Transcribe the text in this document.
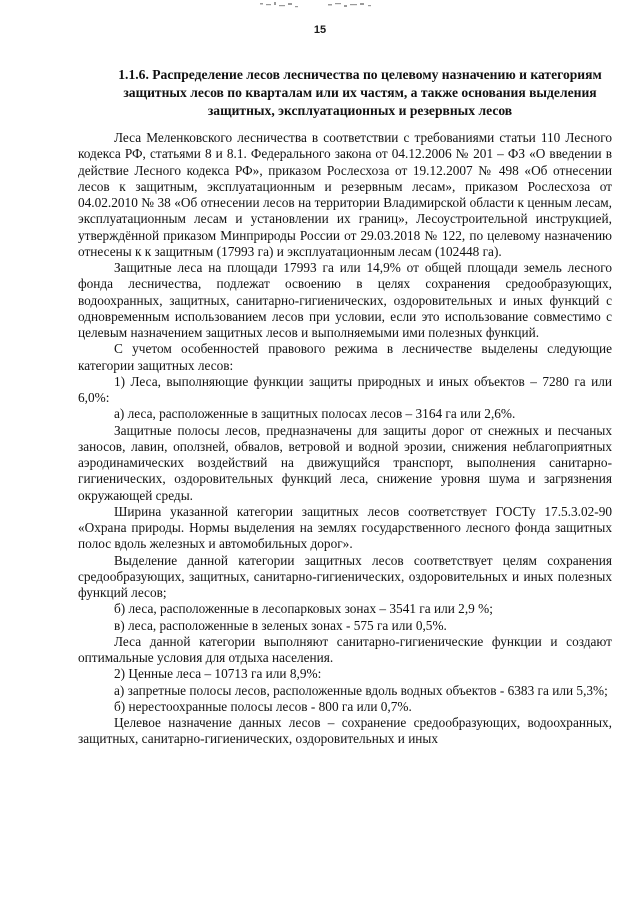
15
1.1.6. Распределение лесов лесничества по целевому назначению и категориям защитных лесов по кварталам или их частям, а также основания выделения защитных, эксплуатационных и резервных лесов

Леса Меленковского лесничества в соответствии с требованиями статьи 110 Лесного кодекса РФ, статьями 8 и 8.1. Федерального закона от 04.12.2006 № 201 – ФЗ «О введении в действие Лесного кодекса РФ», приказом Рослесхоза от 19.12.2007 № 498 «Об отнесении лесов к защитным, эксплуатационным и резервным лесам», приказом Рослесхоза от 04.02.2010 № 38 «Об отнесении лесов на территории Владимирской области к ценным лесам, эксплуатационным лесам и установлении их границ», Лесоустроительной инструкцией, утверждённой приказом Минприроды России от 29.03.2018 № 122, по целевому назначению отнесены к к защитным (17993 га) и эксплуатационным лесам (102448 га).

Защитные леса на площади 17993 га или 14,9% от общей площади земель лесного фонда лесничества, подлежат освоению в целях сохранения средообразующих, водоохранных, защитных, санитарно-гигиенических, оздоровительных и иных функций с одновременным использованием лесов при условии, если это использование совместимо с целевым назначением защитных лесов и выполняемыми ими полезных функций.

С учетом особенностей правового режима в лесничестве выделены следующие категории защитных лесов:

1) Леса, выполняющие функции защиты природных и иных объектов – 7280 га или 6,0%:

а) леса, расположенные в защитных полосах лесов – 3164 га или 2,6%.

Защитные полосы лесов, предназначены для защиты дорог от снежных и песчаных заносов, лавин, оползней, обвалов, ветровой и водной эрозии, снижения неблагоприятных аэродинамических воздействий на движущийся транспорт, выполнения санитарно-гигиенических, оздоровительных функций леса, снижение уровня шума и загрязнения окружающей среды.

Ширина указанной категории защитных лесов соответствует ГОСТу 17.5.3.02-90 «Охрана природы. Нормы выделения на землях государственного лесного фонда защитных полос вдоль железных и автомобильных дорог».

Выделение данной категории защитных лесов соответствует целям сохранения средообразующих, защитных, санитарно-гигиенических, оздоровительных и иных полезных функций лесов;

б) леса, расположенные в лесопарковых зонах – 3541 га или 2,9 %;

в) леса, расположенные в зеленых зонах - 575 га или 0,5%.

Леса данной категории выполняют санитарно-гигиенические функции и создают оптимальные условия для отдыха населения.

2) Ценные леса – 10713 га или 8,9%:

а) запретные полосы лесов, расположенные вдоль водных объектов - 6383 га или 5,3%;

б) нерестоохранные полосы лесов - 800 га или 0,7%.

Целевое назначение данных лесов – сохранение средообразующих, водоохранных, защитных, санитарно-гигиенических, оздоровительных и иных
